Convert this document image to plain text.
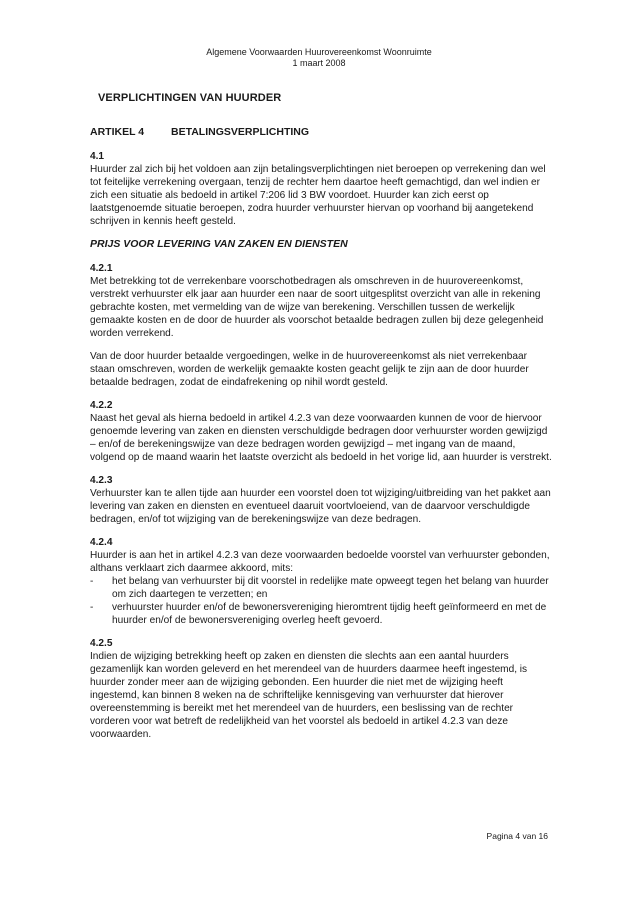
Algemene Voorwaarden Huurovereenkomst Woonruimte
1 maart 2008
VERPLICHTINGEN VAN HUURDER
ARTIKEL 4	BETALINGSVERPLICHTING
4.1
Huurder zal zich bij het voldoen aan zijn betalingsverplichtingen niet beroepen op verrekening dan wel tot feitelijke verrekening overgaan, tenzij de rechter hem daartoe heeft gemachtigd, dan wel indien er zich een situatie als bedoeld in artikel 7:206 lid 3 BW voordoet. Huurder kan zich eerst op laatstgenoemde situatie beroepen, zodra huurder verhuurster hiervan op voorhand bij aangetekend schrijven in kennis heeft gesteld.
PRIJS VOOR LEVERING VAN ZAKEN EN DIENSTEN
4.2.1
Met betrekking tot de verrekenbare voorschotbedragen als omschreven in de huurovereenkomst, verstrekt verhuurster elk jaar aan huurder een naar de soort uitgesplitst overzicht van alle in rekening gebrachte kosten, met vermelding van de wijze van berekening. Verschillen tussen de werkelijk gemaakte kosten en de door de huurder als voorschot betaalde bedragen zullen bij deze gelegenheid worden verrekend.
Van de door huurder betaalde vergoedingen, welke in de huurovereenkomst als niet verrekenbaar staan omschreven, worden de werkelijk gemaakte kosten geacht gelijk te zijn aan de door huurder betaalde bedragen, zodat de eindafrekening op nihil wordt gesteld.
4.2.2
Naast het geval als hierna bedoeld in artikel 4.2.3 van deze voorwaarden kunnen de voor de hiervoor genoemde levering van zaken en diensten verschuldigde bedragen door verhuurster worden gewijzigd – en/of de berekeningswijze van deze bedragen worden gewijzigd – met ingang van de maand, volgend op de maand waarin het laatste overzicht als bedoeld in het vorige lid, aan huurder is verstrekt.
4.2.3
Verhuurster kan te allen tijde aan huurder een voorstel doen tot wijziging/uitbreiding van het pakket aan levering van zaken en diensten en eventueel daaruit voortvloeiend, van de daarvoor verschuldigde bedragen, en/of tot wijziging van de berekeningswijze van deze bedragen.
4.2.4
Huurder is aan het in artikel 4.2.3 van deze voorwaarden bedoelde voorstel van verhuurster gebonden, althans verklaart zich daarmee akkoord, mits:
- het belang van verhuurster bij dit voorstel in redelijke mate opweegt tegen het belang van huurder om zich daartegen te verzetten; en
- verhuurster huurder en/of de bewonersvereniging hieromtrent tijdig heeft geïnformeerd en met de huurder en/of de bewonersvereniging overleg heeft gevoerd.
4.2.5
Indien de wijziging betrekking heeft op zaken en diensten die slechts aan een aantal huurders gezamenlijk kan worden geleverd en het merendeel van de huurders daarmee heeft ingestemd, is huurder zonder meer aan de wijziging gebonden. Een huurder die niet met de wijziging heeft ingestemd, kan binnen 8 weken na de schriftelijke kennisgeving van verhuurster dat hierover overeenstemming is bereikt met het merendeel van de huurders, een beslissing van de rechter vorderen voor wat betreft de redelijkheid van het voorstel als bedoeld in artikel 4.2.3 van deze voorwaarden.
Pagina 4 van 16
